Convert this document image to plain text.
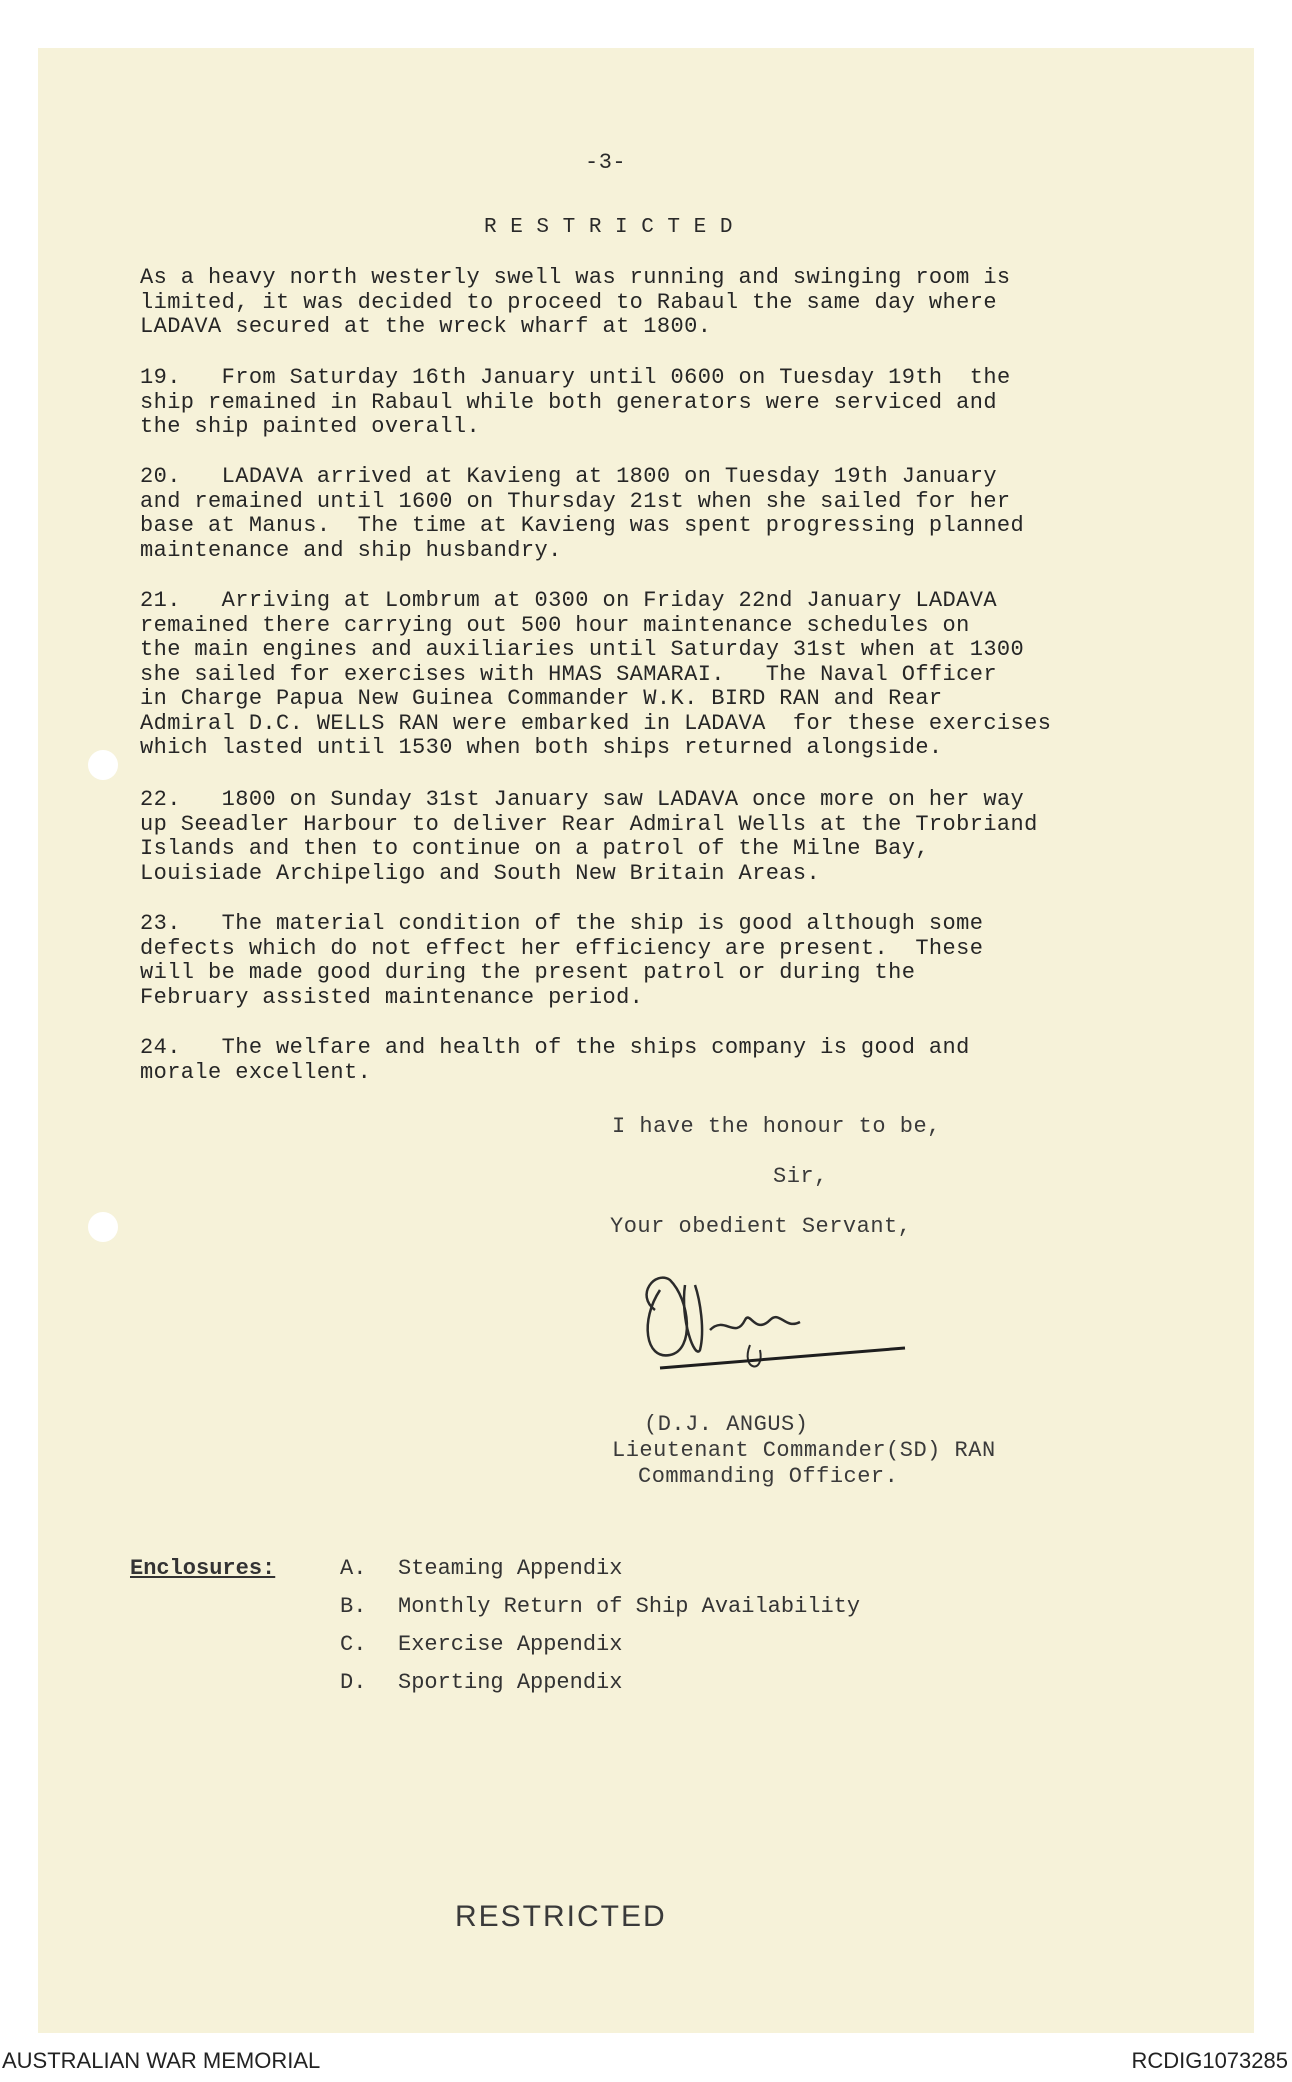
-3-
R E S T R I C T E D
As a heavy north westerly swell was running and swinging room is
limited, it was decided to proceed to Rabaul the same day where
LADAVA secured at the wreck wharf at 1800.
19.   From Saturday 16th January until 0600 on Tuesday 19th  the
ship remained in Rabaul while both generators were serviced and
the ship painted overall.
20.   LADAVA arrived at Kavieng at 1800 on Tuesday 19th January
and remained until 1600 on Thursday 21st when she sailed for her
base at Manus.  The time at Kavieng was spent progressing planned
maintenance and ship husbandry.
21.   Arriving at Lombrum at 0300 on Friday 22nd January LADAVA
remained there carrying out 500 hour maintenance schedules on
the main engines and auxiliaries until Saturday 31st when at 1300
she sailed for exercises with HMAS SAMARAI.   The Naval Officer
in Charge Papua New Guinea Commander W.K. BIRD RAN and Rear
Admiral D.C. WELLS RAN were embarked in LADAVA  for these exercises
which lasted until 1530 when both ships returned alongside.
22.   1800 on Sunday 31st January saw LADAVA once more on her way
up Seeadler Harbour to deliver Rear Admiral Wells at the Trobriand
Islands and then to continue on a patrol of the Milne Bay,
Louisiade Archipeligo and South New Britain Areas.
23.   The material condition of the ship is good although some
defects which do not effect her efficiency are present.  These
will be made good during the present patrol or during the
February assisted maintenance period.
24.   The welfare and health of the ships company is good and
morale excellent.
I have the honour to be,
Sir,
Your obedient Servant,
(D.J. ANGUS)
Lieutenant Commander(SD) RAN
Commanding Officer.
Enclosures:	A. Steaming Appendix
B. Monthly Return of Ship Availability
C. Exercise Appendix
D. Sporting Appendix
RESTRICTED
AUSTRALIAN WAR MEMORIAL	RCDIG1073285
